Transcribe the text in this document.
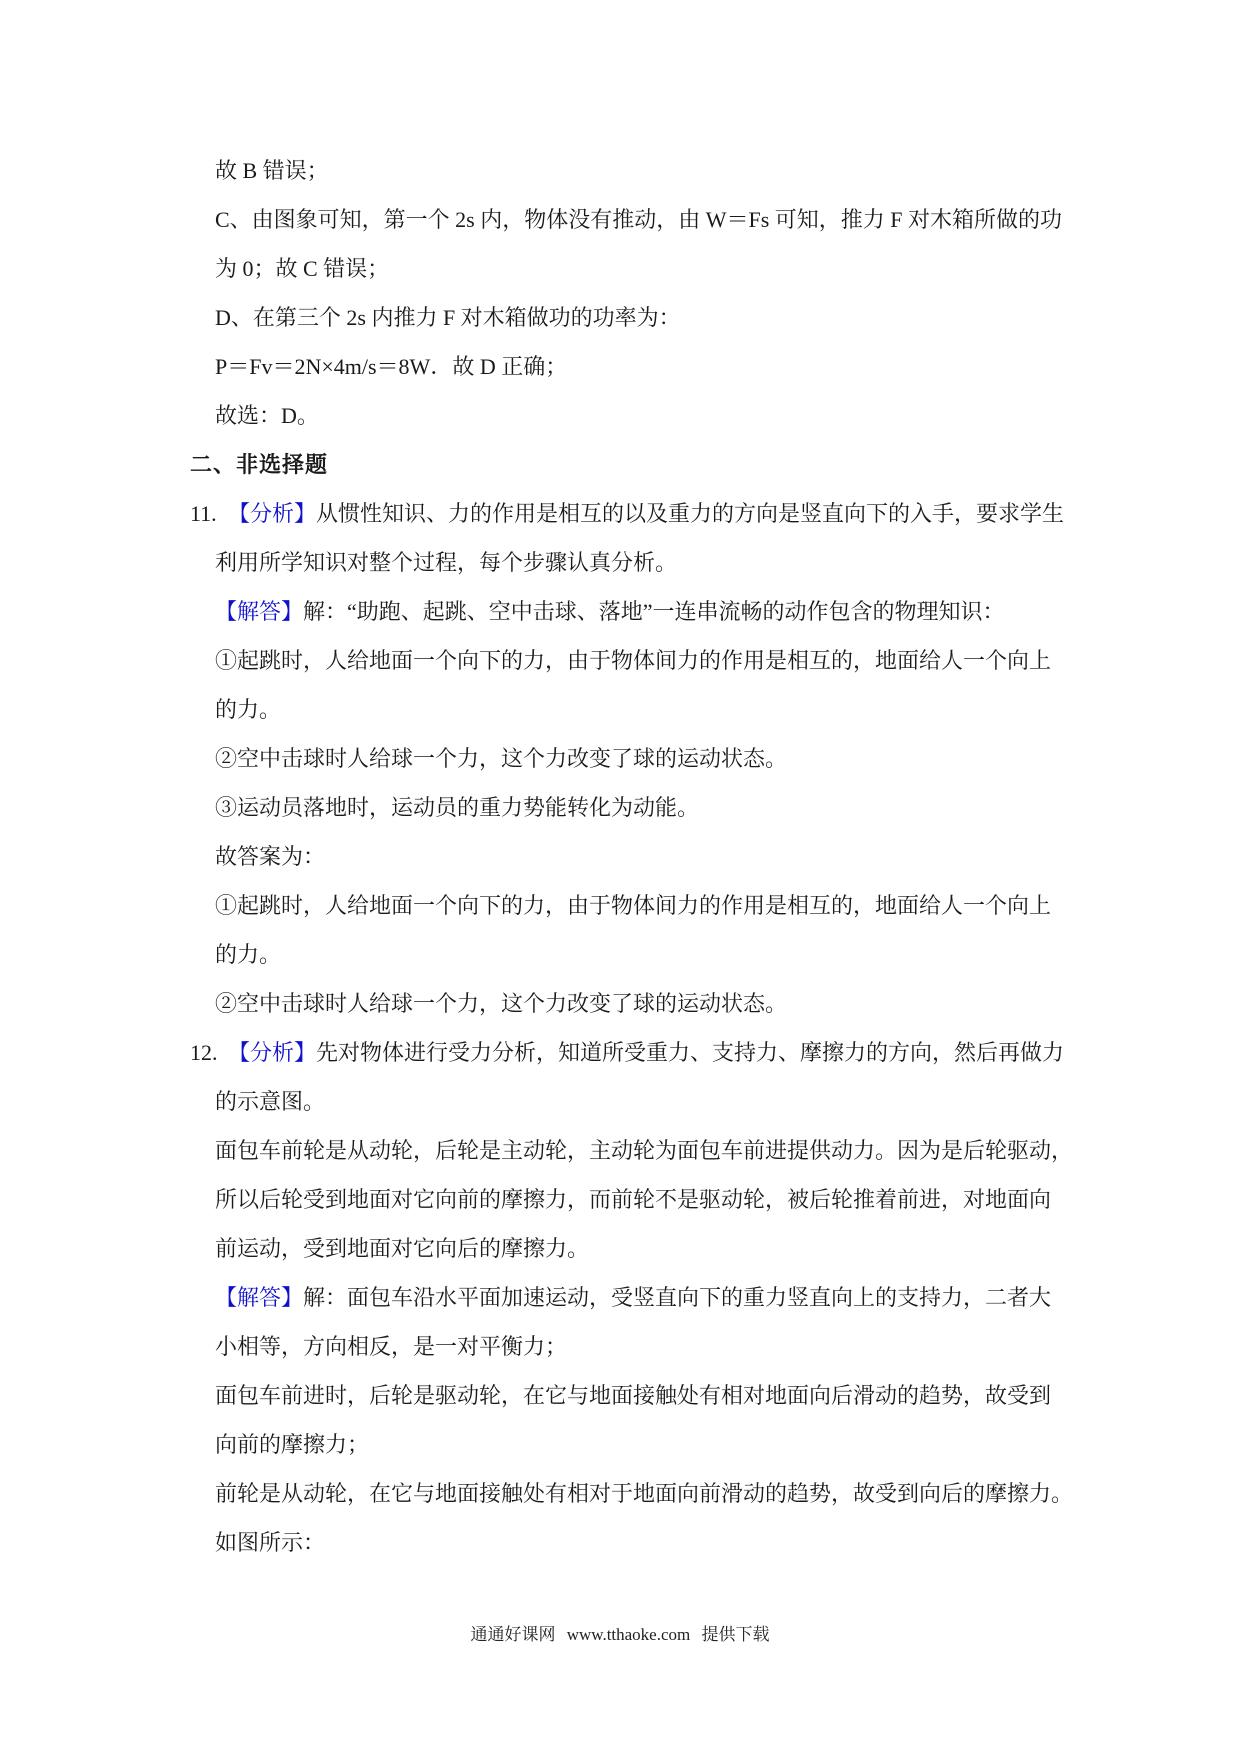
故 B 错误；
C、由图象可知，第一个 2s 内，物体没有推动，由 W＝Fs 可知，推力 F 对木箱所做的功
为 0；故 C 错误；
D、在第三个 2s 内推力 F 对木箱做功的功率为：
P＝Fv＝2N×4m/s＝8W．故 D 正确；
故选：D。
二、非选择题
11. 【分析】从惯性知识、力的作用是相互的以及重力的方向是竖直向下的入手，要求学生
利用所学知识对整个过程，每个步骤认真分析。
【解答】解：“助跑、起跳、空中击球、落地”一连串流畅的动作包含的物理知识：
①起跳时，人给地面一个向下的力，由于物体间力的作用是相互的，地面给人一个向上
的力。
②空中击球时人给球一个力，这个力改变了球的运动状态。
③运动员落地时，运动员的重力势能转化为动能。
故答案为：
①起跳时，人给地面一个向下的力，由于物体间力的作用是相互的，地面给人一个向上
的力。
②空中击球时人给球一个力，这个力改变了球的运动状态。
12. 【分析】先对物体进行受力分析，知道所受重力、支持力、摩擦力的方向，然后再做力
的示意图。
面包车前轮是从动轮，后轮是主动轮，主动轮为面包车前进提供动力。因为是后轮驱动，
所以后轮受到地面对它向前的摩擦力，而前轮不是驱动轮，被后轮推着前进，对地面向
前运动，受到地面对它向后的摩擦力。
【解答】解：面包车沿水平面加速运动，受竖直向下的重力竖直向上的支持力，二者大
小相等，方向相反，是一对平衡力；
面包车前进时，后轮是驱动轮，在它与地面接触处有相对地面向后滑动的趋势，故受到
向前的摩擦力；
前轮是从动轮，在它与地面接触处有相对于地面向前滑动的趋势，故受到向后的摩擦力。
如图所示：
通通好课网 www.tthaoke.com 提供下载
